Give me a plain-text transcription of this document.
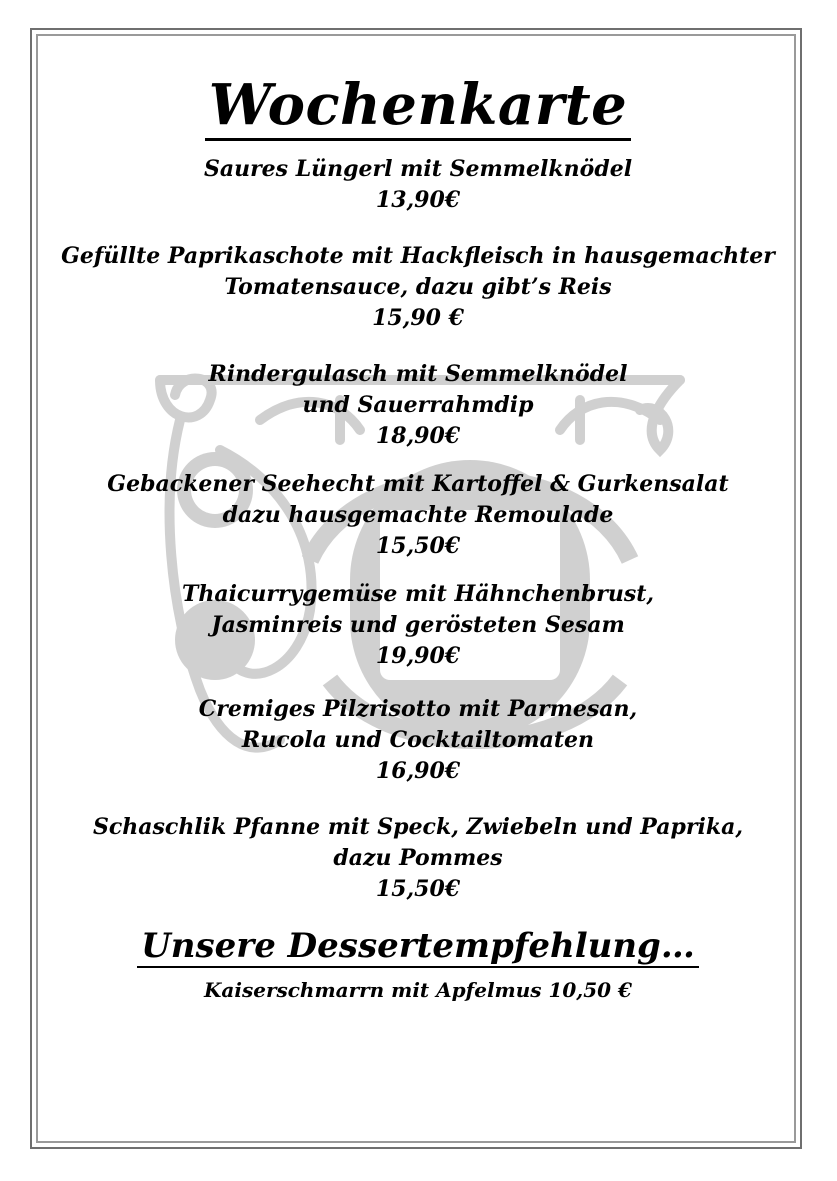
Wochenkarte

Saures Lüngerl mit Semmelknödel

13,90€

Gefüllte Paprikaschote mit Hackfleisch in hausgemachter

Tomatensauce, dazu gibt’s Reis

15,90 €

Rindergulasch mit Semmelknödel

und Sauerrahmdip

18,90€

Gebackener Seehecht mit Kartoffel & Gurkensalat

dazu hausgemachte Remoulade

15,50€

Thaicurrygemüse mit Hähnchenbrust,

Jasminreis und gerösteten Sesam

19,90€

Cremiges Pilzrisotto mit Parmesan,

Rucola und Cocktailtomaten

16,90€

Schaschlik Pfanne mit Speck, Zwiebeln und Paprika,

dazu Pommes

15,50€

Unsere Dessertempfehlung…

Kaiserschmarrn mit Apfelmus 10,50 €
